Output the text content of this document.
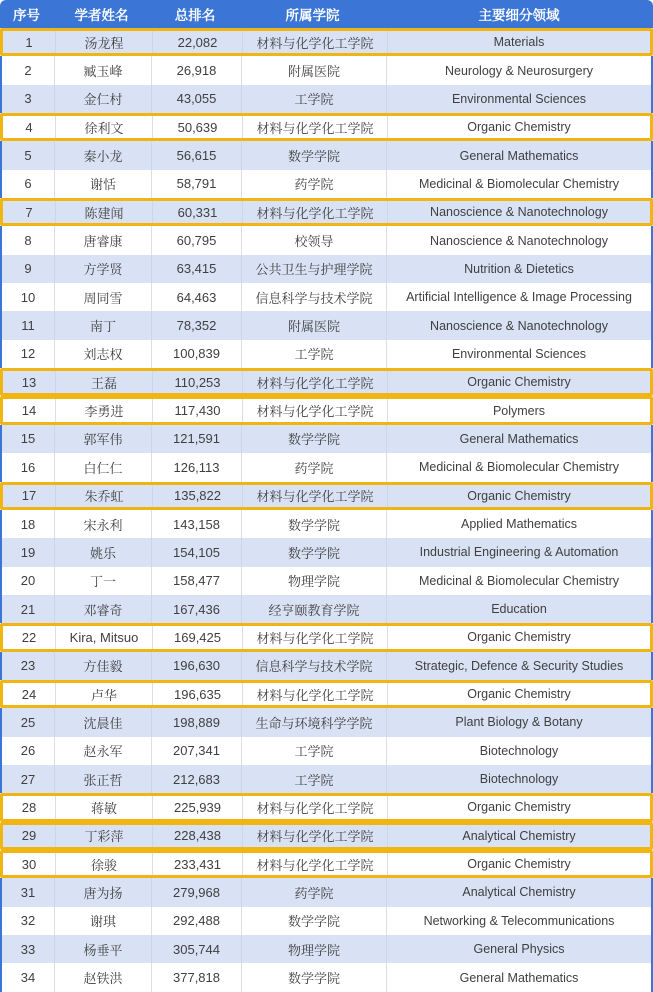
序号	学者姓名	总排名	所属学院	主要细分领域
1	汤龙程	22,082	材料与化学化工学院	Materials
2	臧玉峰	26,918	附属医院	Neurology & Neurosurgery
3	金仁村	43,055	工学院	Environmental Sciences
4	徐利文	50,639	材料与化学化工学院	Organic Chemistry
5	秦小龙	56,615	数学学院	General Mathematics
6	谢恬	58,791	药学院	Medicinal & Biomolecular Chemistry
7	陈建闻	60,331	材料与化学化工学院	Nanoscience & Nanotechnology
8	唐睿康	60,795	校领导	Nanoscience & Nanotechnology
9	方学贤	63,415	公共卫生与护理学院	Nutrition & Dietetics
10	周同雪	64,463	信息科学与技术学院	Artificial Intelligence & Image Processing
11	南丁	78,352	附属医院	Nanoscience & Nanotechnology
12	刘志权	100,839	工学院	Environmental Sciences
13	王磊	110,253	材料与化学化工学院	Organic Chemistry
14	李勇进	117,430	材料与化学化工学院	Polymers
15	郭军伟	121,591	数学学院	General Mathematics
16	白仁仁	126,113	药学院	Medicinal & Biomolecular Chemistry
17	朱乔虹	135,822	材料与化学化工学院	Organic Chemistry
18	宋永利	143,158	数学学院	Applied Mathematics
19	姚乐	154,105	数学学院	Industrial Engineering & Automation
20	丁一	158,477	物理学院	Medicinal & Biomolecular Chemistry
21	邓睿奇	167,436	经亨颐教育学院	Education
22	Kira, Mitsuo	169,425	材料与化学化工学院	Organic Chemistry
23	方佳毅	196,630	信息科学与技术学院	Strategic, Defence & Security Studies
24	卢华	196,635	材料与化学化工学院	Organic Chemistry
25	沈晨佳	198,889	生命与环境科学学院	Plant Biology & Botany
26	赵永军	207,341	工学院	Biotechnology
27	张正哲	212,683	工学院	Biotechnology
28	蒋敏	225,939	材料与化学化工学院	Organic Chemistry
29	丁彩萍	228,438	材料与化学化工学院	Analytical Chemistry
30	徐骏	233,431	材料与化学化工学院	Organic Chemistry
31	唐为扬	279,968	药学院	Analytical Chemistry
32	谢琪	292,488	数学学院	Networking & Telecommunications
33	杨垂平	305,744	物理学院	General Physics
34	赵铁洪	377,818	数学学院	General Mathematics
